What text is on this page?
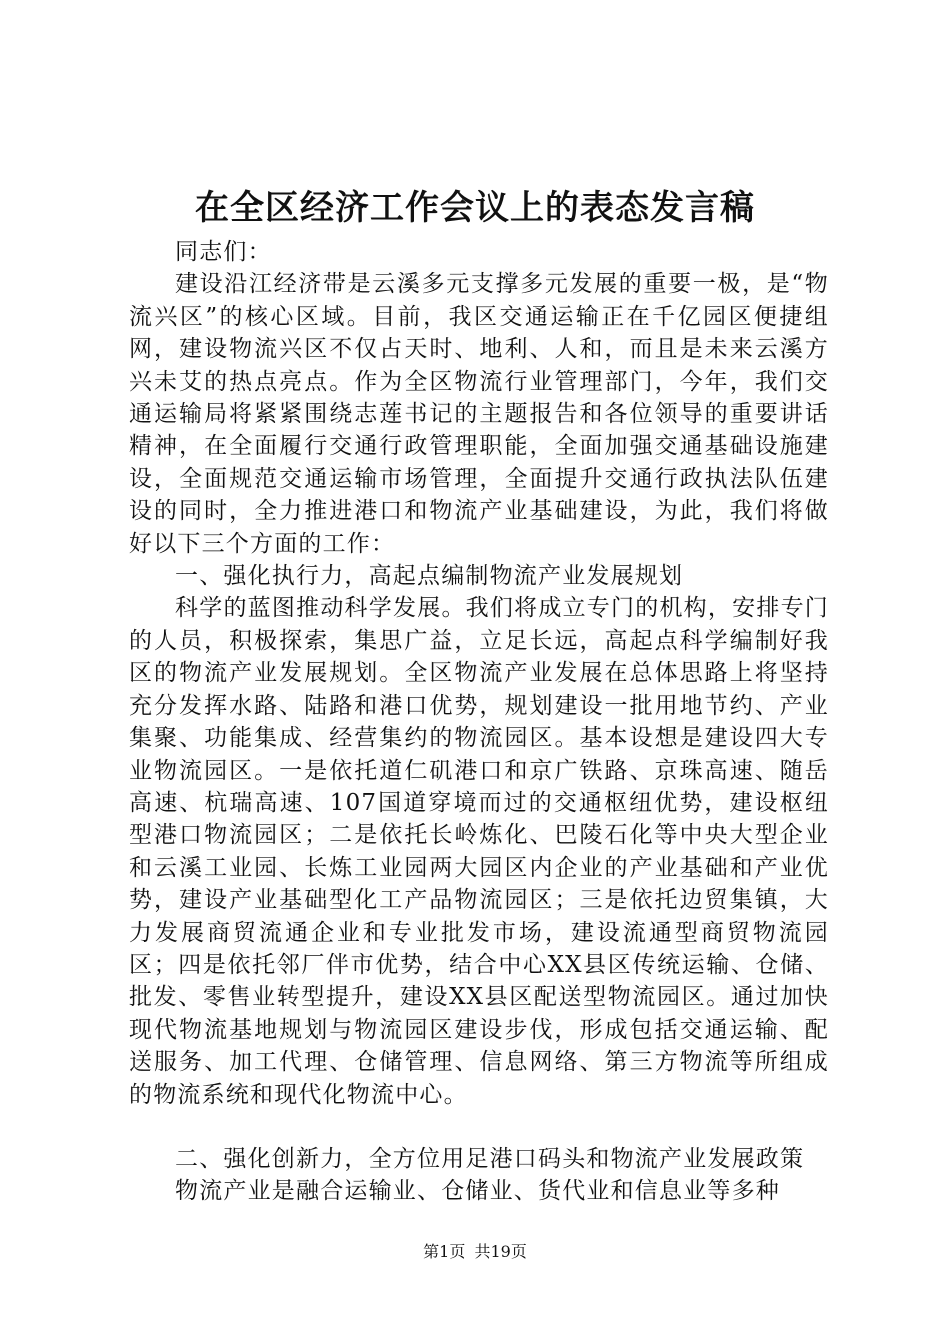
在全区经济工作会议上的表态发言稿

同志们：

建设沿江经济带是云溪多元支撑多元发展的重要一极，是“物流兴区”的核心区域。目前，我区交通运输正在千亿园区便捷组网，建设物流兴区不仅占天时、地利、人和，而且是未来云溪方兴未艾的热点亮点。作为全区物流行业管理部门，今年，我们交通运输局将紧紧围绕志莲书记的主题报告和各位领导的重要讲话精神，在全面履行交通行政管理职能，全面加强交通基础设施建设，全面规范交通运输市场管理，全面提升交通行政执法队伍建设的同时，全力推进港口和物流产业基础建设，为此，我们将做好以下三个方面的工作：

一、强化执行力，高起点编制物流产业发展规划

科学的蓝图推动科学发展。我们将成立专门的机构，安排专门的人员，积极探索，集思广益，立足长远，高起点科学编制好我区的物流产业发展规划。全区物流产业发展在总体思路上将坚持充分发挥水路、陆路和港口优势，规划建设一批用地节约、产业集聚、功能集成、经营集约的物流园区。基本设想是建设四大专业物流园区。一是依托道仁矶港口和京广铁路、京珠高速、随岳高速、杭瑞高速、107国道穿境而过的交通枢纽优势，建设枢纽型港口物流园区；二是依托长岭炼化、巴陵石化等中央大型企业和云溪工业园、长炼工业园两大园区内企业的产业基础和产业优势，建设产业基础型化工产品物流园区；三是依托边贸集镇，大力发展商贸流通企业和专业批发市场，建设流通型商贸物流园区；四是依托邻厂伴市优势，结合中心XX县区传统运输、仓储、批发、零售业转型提升，建设XX县区配送型物流园区。通过加快现代物流基地规划与物流园区建设步伐，形成包括交通运输、配送服务、加工代理、仓储管理、信息网络、第三方物流等所组成的物流系统和现代化物流中心。

二、强化创新力，全方位用足港口码头和物流产业发展政策

物流产业是融合运输业、仓储业、货代业和信息业等多种

第1页 共19页
